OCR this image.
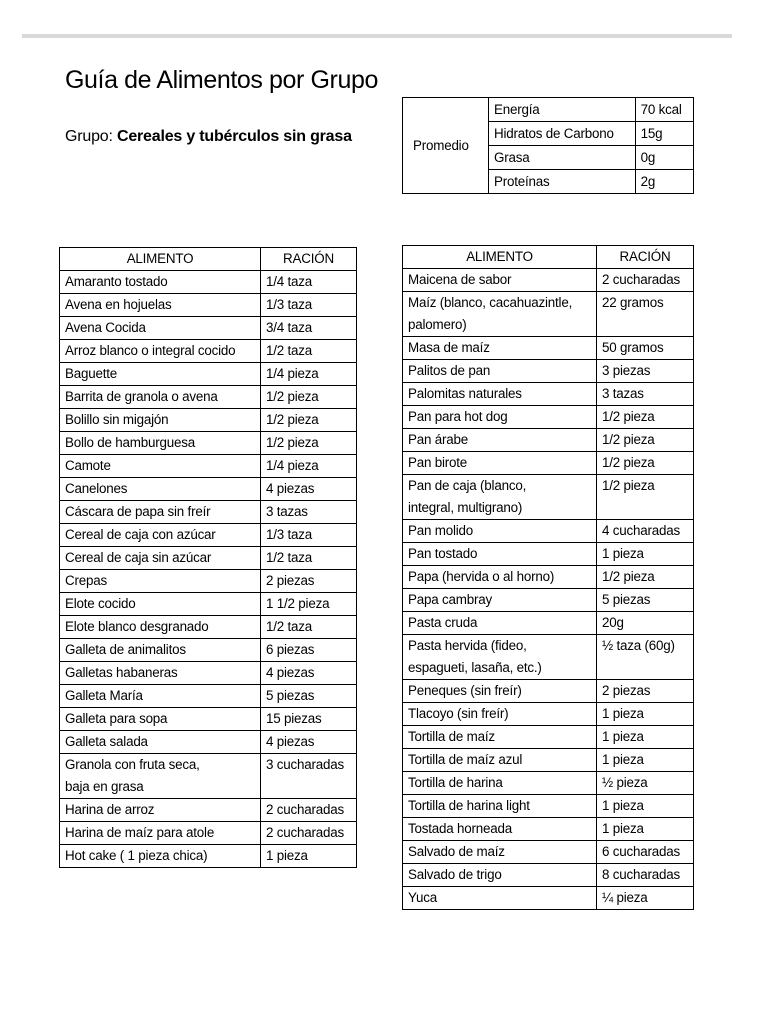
Guía de Alimentos por Grupo
Grupo: Cereales y tubérculos sin grasa
Promedio	Energía	70 kcal
	Hidratos de Carbono	15g
	Grasa	0g
	Proteínas	2g
ALIMENTO	RACIÓN
Amaranto tostado	1/4 taza
Avena en hojuelas	1/3 taza
Avena Cocida	3/4 taza
Arroz blanco o integral cocido	1/2 taza
Baguette	1/4 pieza
Barrita de granola o avena	1/2 pieza
Bolillo sin migajón	1/2 pieza
Bollo de hamburguesa	1/2 pieza
Camote	1/4 pieza
Canelones	4 piezas
Cáscara de papa sin freír	3 tazas
Cereal de caja con azúcar	1/3 taza
Cereal de caja sin azúcar	1/2 taza
Crepas	2 piezas
Elote cocido	1 1/2 pieza
Elote blanco desgranado	1/2 taza
Galleta de animalitos	6 piezas
Galletas habaneras	4 piezas
Galleta María	5 piezas
Galleta para sopa	15 piezas
Galleta salada	4 piezas
Granola con fruta seca,
baja en grasa	3 cucharadas
Harina de arroz	2 cucharadas
Harina de maíz para atole	2 cucharadas
Hot cake ( 1 pieza chica)	1 pieza
ALIMENTO	RACIÓN
Maicena de sabor	2 cucharadas
Maíz (blanco, cacahuazintle,
palomero)	22 gramos
Masa de maíz	50 gramos
Palitos de pan	3 piezas
Palomitas naturales	3 tazas
Pan para hot dog	1/2 pieza
Pan árabe	1/2 pieza
Pan birote	1/2 pieza
Pan de caja (blanco,
integral, multigrano)	1/2 pieza
Pan molido	4 cucharadas
Pan tostado	1 pieza
Papa (hervida o al horno)	1/2 pieza
Papa cambray	5 piezas
Pasta cruda	20g
Pasta hervida (fideo,
espagueti, lasaña, etc.)	½ taza (60g)
Peneques (sin freír)	2 piezas
Tlacoyo (sin freír)	1 pieza
Tortilla de maíz	1 pieza
Tortilla de maíz azul	1 pieza
Tortilla de harina	½ pieza
Tortilla de harina light	1 pieza
Tostada horneada	1 pieza
Salvado de maíz	6 cucharadas
Salvado de trigo	8 cucharadas
Yuca	¼ pieza
